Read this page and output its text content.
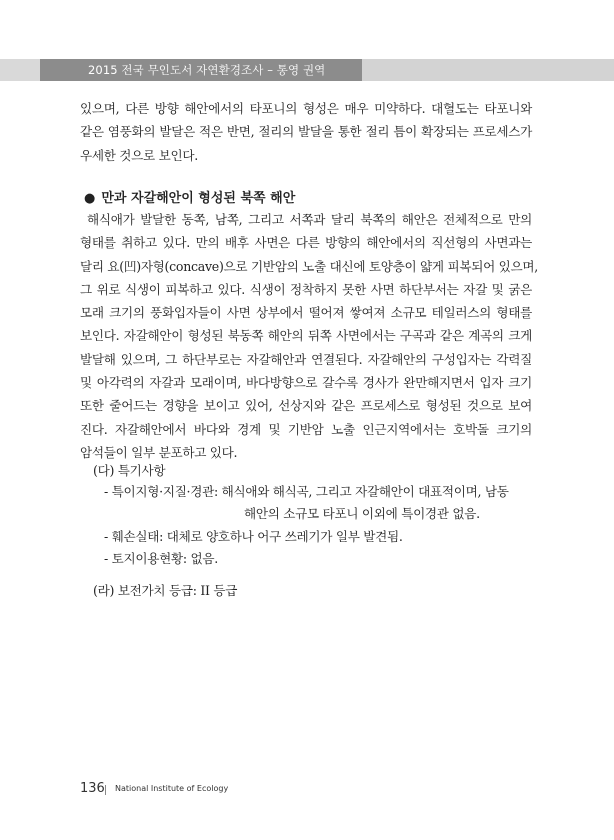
2015 전국 무인도서 자연환경조사 – 통영 권역
있으며, 다른 방향 해안에서의 타포니의 형성은 매우 미약하다. 대혈도는 타포니와
같은 염풍화의 발달은 적은 반면, 절리의 발달을 통한 절리 틈이 확장되는 프로세스가
우세한 것으로 보인다.
● 만과 자갈해안이 형성된 북쪽 해안
해식애가 발달한 동쪽, 남쪽, 그리고 서쪽과 달리 북쪽의 해안은 전체적으로 만의
형태를 취하고 있다. 만의 배후 사면은 다른 방향의 해안에서의 직선형의 사면과는
달리 요(凹)자형(concave)으로 기반암의 노출 대신에 토양층이 얇게 피복되어 있으며,
그 위로 식생이 피복하고 있다. 식생이 정착하지 못한 사면 하단부서는 자갈 및 굵은
모래 크기의 풍화입자들이 사면 상부에서 떨어져 쌓여져 소규모 테일러스의 형태를
보인다. 자갈해안이 형성된 북동쪽 해안의 뒤쪽 사면에서는 구곡과 같은 계곡의 크게
발달해 있으며, 그 하단부로는 자갈해안과 연결된다. 자갈해안의 구성입자는 각력질
및 아각력의 자갈과 모래이며, 바다방향으로 갈수록 경사가 완만해지면서 입자 크기
또한 줄어드는 경향을 보이고 있어, 선상지와 같은 프로세스로 형성된 것으로 보여
진다. 자갈해안에서 바다와 경계 및 기반암 노출 인근지역에서는 호박돌 크기의
암석들이 일부 분포하고 있다.
(다) 특기사항
- 특이지형·지질·경관: 해식애와 해식곡, 그리고 자갈해안이 대표적이며, 남동
해안의 소규모 타포니 이외에 특이경관 없음.
- 훼손실태: 대체로 양호하나 어구 쓰레기가 일부 발견됨.
- 토지이용현황: 없음.
(라) 보전가치 등급: II 등급
136 National Institute of Ecology
